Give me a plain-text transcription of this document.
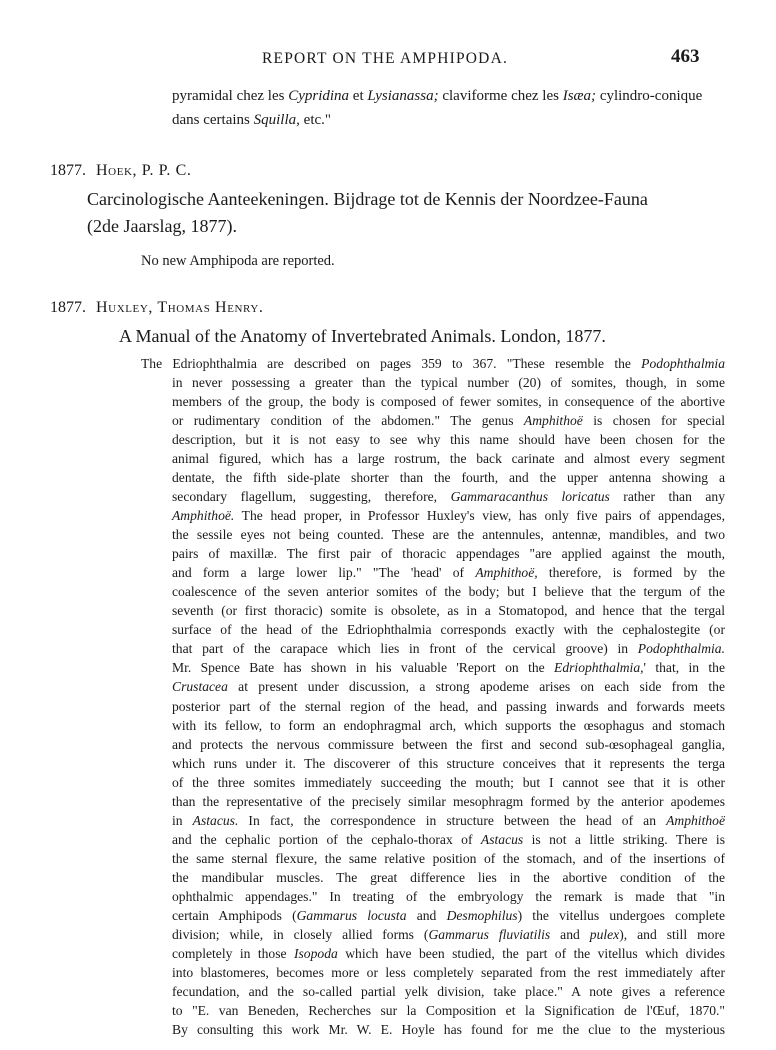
REPORT ON THE AMPHIPODA.	463
pyramidal chez les Cypridina et Lysianassa; claviforme chez les Isæa; cylindro-conique
dans certains Squilla, etc."
1877. Hoek, P. P. C.
Carcinologische Aanteekeningen. Bijdrage tot de Kennis der Noordzee-Fauna
(2de Jaarslag, 1877).
No new Amphipoda are reported.
1877. Huxley, Thomas Henry.
A Manual of the Anatomy of Invertebrated Animals. London, 1877.
The Edriophthalmia are described on pages 359 to 367. "These resemble the Podophthalmia
in never possessing a greater than the typical number (20) of somites, though, in some
members of the group, the body is composed of fewer somites, in consequence of the abortive
or rudimentary condition of the abdomen." The genus Amphithoë is chosen for special
description, but it is not easy to see why this name should have been chosen for the
animal figured, which has a large rostrum, the back carinate and almost every segment
dentate, the fifth side-plate shorter than the fourth, and the upper antenna showing a
secondary flagellum, suggesting, therefore, Gammaracanthus loricatus rather than any
Amphithoë. The head proper, in Professor Huxley's view, has only five pairs of appendages,
the sessile eyes not being counted. These are the antennules, antennæ, mandibles, and two
pairs of maxillæ. The first pair of thoracic appendages "are applied against the mouth,
and form a large lower lip." "The 'head' of Amphithoë, therefore, is formed by the
coalescence of the seven anterior somites of the body; but I believe that the tergum of the
seventh (or first thoracic) somite is obsolete, as in a Stomatopod, and hence that the tergal
surface of the head of the Edriophthalmia corresponds exactly with the cephalostegite (or
that part of the carapace which lies in front of the cervical groove) in Podophthalmia.
Mr. Spence Bate has shown in his valuable 'Report on the Edriophthalmia,' that, in the
Crustacea at present under discussion, a strong apodeme arises on each side from the
posterior part of the sternal region of the head, and passing inwards and forwards meets
with its fellow, to form an endophragmal arch, which supports the œsophagus and stomach
and protects the nervous commissure between the first and second sub-œsophageal ganglia,
which runs under it. The discoverer of this structure conceives that it represents the terga
of the three somites immediately succeeding the mouth; but I cannot see that it is other
than the representative of the precisely similar mesophragm formed by the anterior apodemes
in Astacus. In fact, the correspondence in structure between the head of an Amphithoë
and the cephalic portion of the cephalo-thorax of Astacus is not a little striking. There is
the same sternal flexure, the same relative position of the stomach, and of the insertions of
the mandibular muscles. The great difference lies in the abortive condition of the
ophthalmic appendages." In treating of the embryology the remark is made that "in
certain Amphipods (Gammarus locusta and Desmophilus) the vitellus undergoes complete
division; while, in closely allied forms (Gammarus fluviatilis and pulex), and still more
completely in those Isopoda which have been studied, the part of the vitellus which divides
into blastomeres, becomes more or less completely separated from the rest immediately after
fecundation, and the so-called partial yelk division, take place." A note gives a reference
to "E. van Beneden, Recherches sur la Composition et la Signification de l'Œuf, 1870."
By consulting this work Mr. W. E. Hoyle has found for me the clue to the mysterious
